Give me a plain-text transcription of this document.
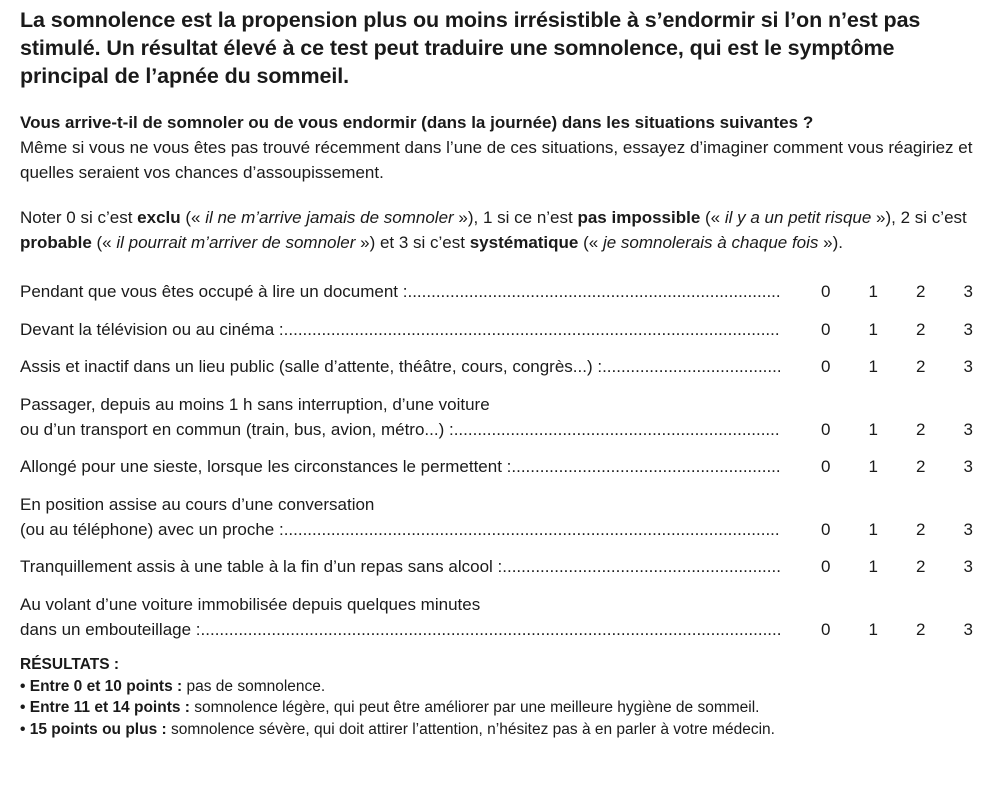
La somnolence est la propension plus ou moins irrésistible à s’endormir si l’on n’est pas stimulé. Un résultat élevé à ce test peut traduire une somnolence, qui est le symptôme principal de l’apnée du sommeil.

Vous arrive-t-il de somnoler ou de vous endormir (dans la journée) dans les situations suivantes ?

Même si vous ne vous êtes pas trouvé récemment dans l’une de ces situations, essayez d’imaginer comment vous réagiriez et quelles seraient vos chances d’assoupissement.

Noter 0 si c’est exclu (« il ne m’arrive jamais de somnoler »), 1 si ce n’est pas impossible (« il y a un petit risque »), 2 si c’est probable (« il pourrait m’arriver de somnoler ») et 3 si c’est systématique (« je somnolerais à chaque fois »).

Pendant que vous êtes occupé à lire un document : .....	0	1	2	3
Devant la télévision ou au cinéma : .....	0	1	2	3
Assis et inactif dans un lieu public (salle d’attente, théâtre, cours, congrès...) : .....	0	1	2	3
Passager, depuis au moins 1 h sans interruption, d’une voiture
ou d’un transport en commun (train, bus, avion, métro...) : .....	0	1	2	3
Allongé pour une sieste, lorsque les circonstances le permettent : .....	0	1	2	3
En position assise au cours d’une conversation
(ou au téléphone) avec un proche : .....	0	1	2	3
Tranquillement assis à une table à la fin d’un repas sans alcool : .....	0	1	2	3
Au volant d’une voiture immobilisée depuis quelques minutes
dans un embouteillage : .....	0	1	2	3
RÉSULTATS :
• Entre 0 et 10 points : pas de somnolence.
• Entre 11 et 14 points : somnolence légère, qui peut être améliorer par une meilleure hygiène de sommeil.
• 15 points ou plus : somnolence sévère, qui doit attirer l’attention, n’hésitez pas à en parler à votre médecin.
